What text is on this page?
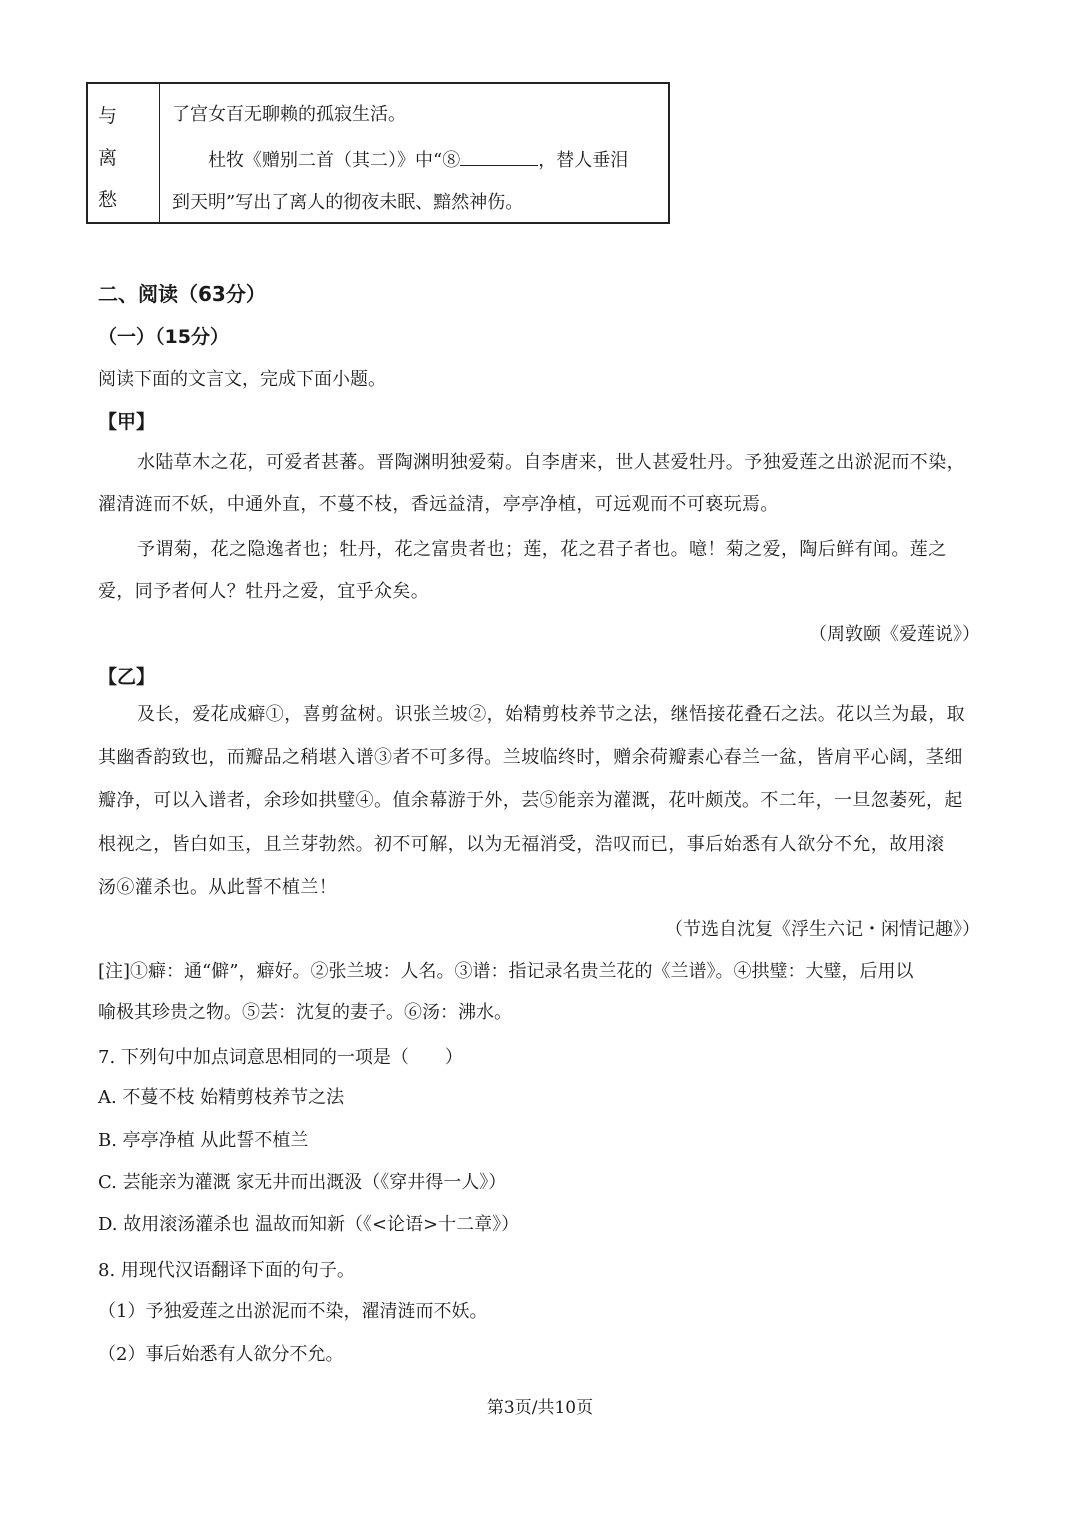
与离
愁
了宫女百无聊赖的孤寂生活。
杜牧《赠别二首（其二）》中“⑧	，替人垂泪
到天明”写出了离人的彻夜未眠、黯然神伤。
二、阅读（63分）
（一）（15分）
阅读下面的文言文，完成下面小题。
【甲】
水陆草木之花，可爱者甚蕃。晋陶渊明独爱菊。自李唐来，世人甚爱牡丹。予独爱莲之出淤泥而不染，
濯清涟而不妖，中通外直，不蔓不枝，香远益清，亭亭净植，可远观而不可亵玩焉。
予谓菊，花之隐逸者也；牡丹，花之富贵者也；莲，花之君子者也。噫！菊之爱，陶后鲜有闻。莲之
爱，同予者何人？牡丹之爱，宜乎众矣。
（周敦颐《爱莲说》）
【乙】
及长，爱花成癖①，喜剪盆树。识张兰坡②，始精剪枝养节之法，继悟接花叠石之法。花以兰为最，取
其幽香韵致也，而瓣品之稍堪入谱③者不可多得。兰坡临终时，赠余荷瓣素心春兰一盆，皆肩平心阔，茎细
瓣净，可以入谱者，余珍如拱璧④。值余幕游于外，芸⑤能亲为灌溉，花叶颇茂。不二年，一旦忽萎死，起
根视之，皆白如玉，且兰芽勃然。初不可解，以为无福消受，浩叹而已，事后始悉有人欲分不允，故用滚
汤⑥灌杀也。从此誓不植兰！
（节选自沈复《浮生六记・闲情记趣》）
[注]①癖：通“僻”，癖好。②张兰坡：人名。③谱：指记录名贵兰花的《兰谱》。④拱璧：大璧，后用以
喻极其珍贵之物。⑤芸：沈复的妻子。⑥汤：沸水。
7. 下列句中加点词意思相同的一项是（　　）
A. 不蔓不枝 始精剪枝养节之法
B. 亭亭净植 从此誓不植兰
C. 芸能亲为灌溉 家无井而出溉汲（《穿井得一人》）
D. 故用滚汤灌杀也 温故而知新（《<论语>十二章》）
8. 用现代汉语翻译下面的句子。
（1）予独爱莲之出淤泥而不染，濯清涟而不妖。
（2）事后始悉有人欲分不允。
第3页/共10页
